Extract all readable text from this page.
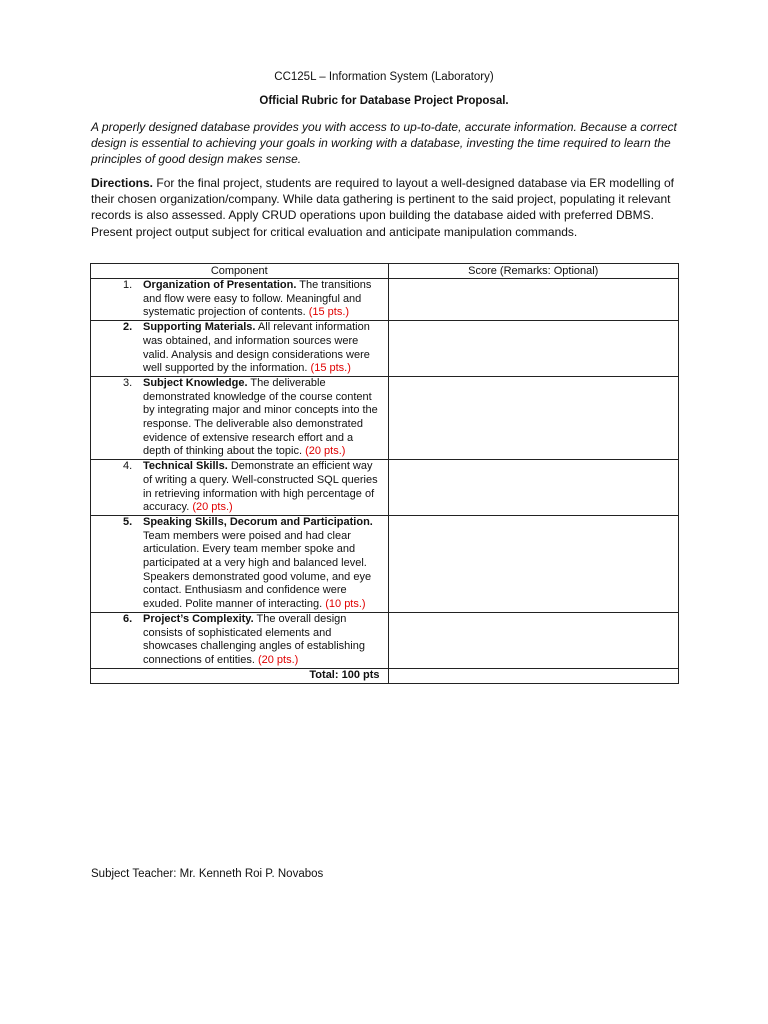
CC125L – Information System (Laboratory)
Official Rubric for Database Project Proposal.
A properly designed database provides you with access to up-to-date, accurate information. Because a correct design is essential to achieving your goals in working with a database, investing the time required to learn the principles of good design makes sense.
Directions. For the final project, students are required to layout a well-designed database via ER modelling of their chosen organization/company. While data gathering is pertinent to the said project, populating it relevant records is also assessed. Apply CRUD operations upon building the database aided with preferred DBMS. Present project output subject for critical evaluation and anticipate manipulation commands.
Component	Score (Remarks: Optional)

1. Organization of Presentation. The transitions and flow were easy to follow. Meaningful and systematic projection of contents. (15 pts.)	

2. Supporting Materials. All relevant information was obtained, and information sources were valid. Analysis and design considerations were well supported by the information. (15 pts.)	

3. Subject Knowledge. The deliverable demonstrated knowledge of the course content by integrating major and minor concepts into the response. The deliverable also demonstrated evidence of extensive research effort and a depth of thinking about the topic. (20 pts.)	

4. Technical Skills. Demonstrate an efficient way of writing a query. Well-constructed SQL queries in retrieving information with high percentage of accuracy. (20 pts.)	

5. Speaking Skills, Decorum and Participation. Team members were poised and had clear articulation. Every team member spoke and participated at a very high and balanced level. Speakers demonstrated good volume, and eye contact. Enthusiasm and confidence were exuded. Polite manner of interacting. (10 pts.)	

6. Project’s Complexity. The overall design consists of sophisticated elements and showcases challenging angles of establishing connections of entities. (20 pts.)	

Total: 100 pts	
Subject Teacher: Mr. Kenneth Roi P. Novabos
